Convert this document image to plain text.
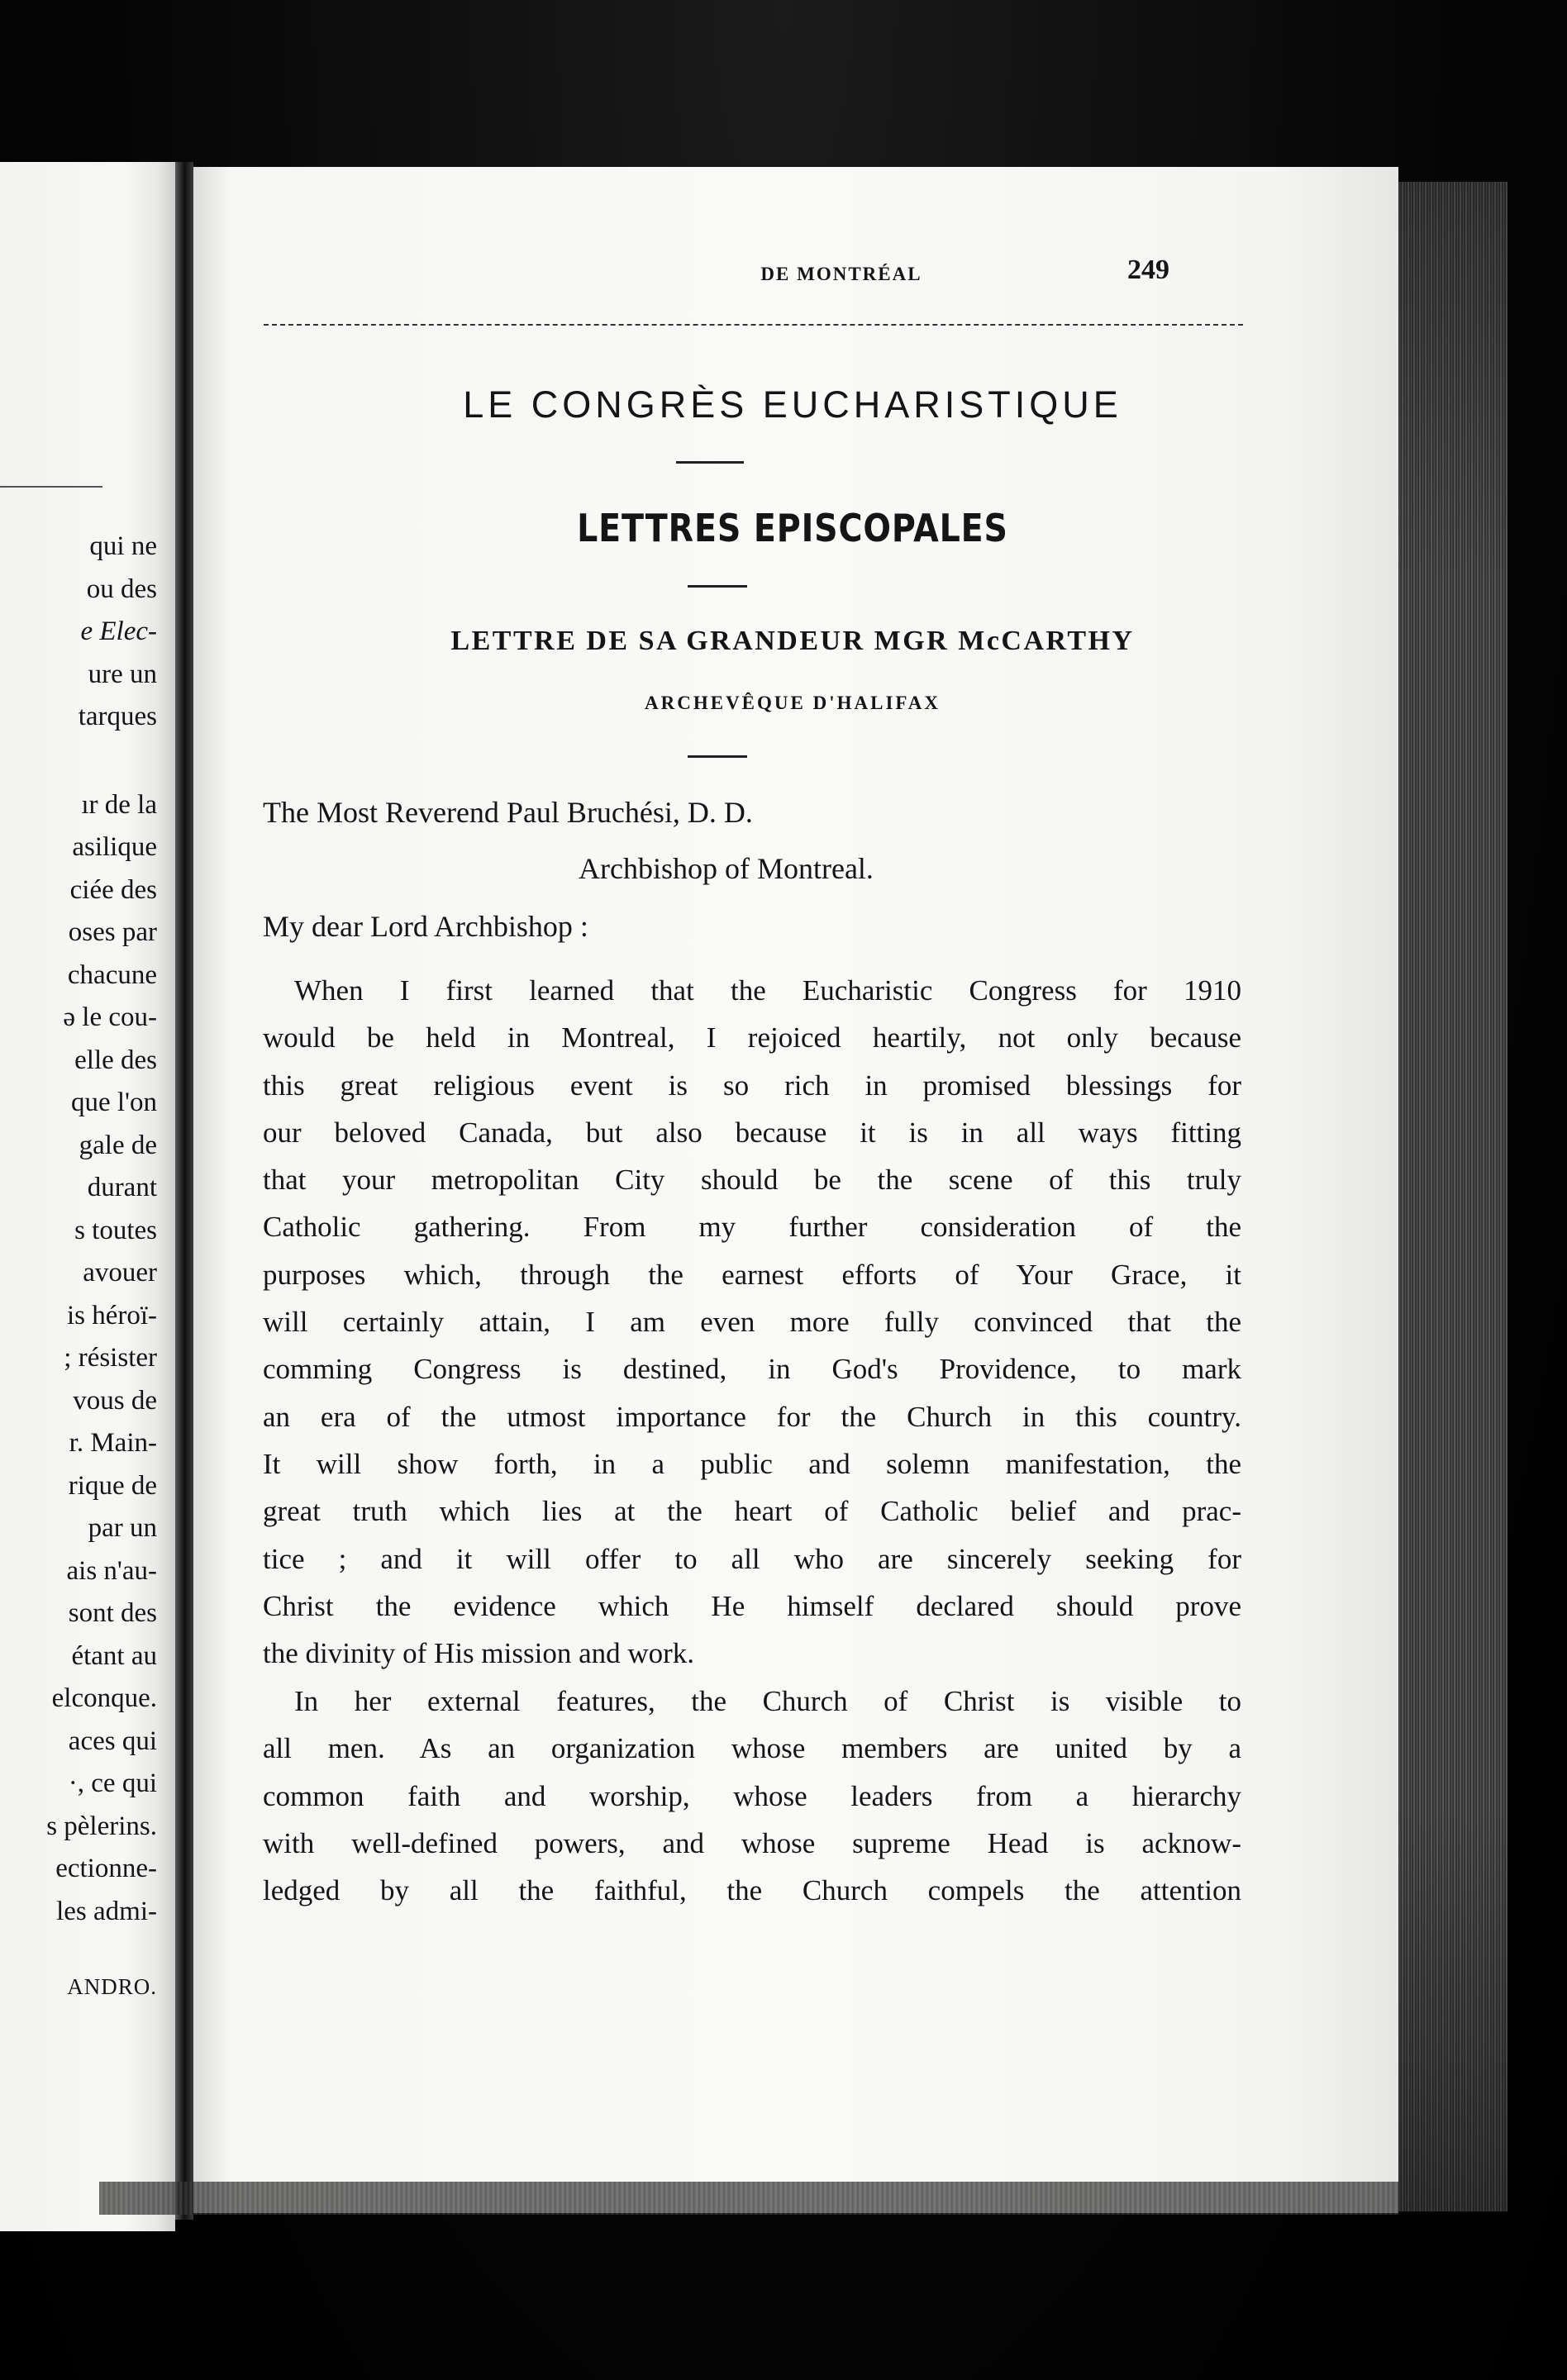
qui ne
ou des
e Elec-
ure un
tarques
ır de la
asilique
ciée des
oses par
chacune
ə le cou-
elle des
que l'on
gale de
durant
s toutes
avouer
is héroï-
; résister
vous de
r. Main-
rique de
par un
ais n'au-
sont des
étant au
elconque.
aces qui
·, ce qui
s pèlerins.
ectionne-
les admi-
ANDRO.
DE MONTRÉAL	249
LE CONGRÈS EUCHARISTIQUE
LETTRES EPISCOPALES
LETTRE DE SA GRANDEUR MGR McCARTHY
ARCHEVÊQUE D'HALIFAX
The Most Reverend Paul Bruchési, D. D.
Archbishop of Montreal.
My dear Lord Archbishop :
When I first learned that the Eucharistic Congress for 1910
would be held in Montreal, I rejoiced heartily, not only because
this great religious event is so rich in promised blessings for
our beloved Canada, but also because it is in all ways fitting
that your metropolitan City should be the scene of this truly
Catholic gathering. From my further consideration of the
purposes which, through the earnest efforts of Your Grace, it
will certainly attain, I am even more fully convinced that the
comming Congress is destined, in God's Providence, to mark
an era of the utmost importance for the Church in this country.
It will show forth, in a public and solemn manifestation, the
great truth which lies at the heart of Catholic belief and prac-
tice ; and it will offer to all who are sincerely seeking for
Christ the evidence which He himself declared should prove
the divinity of His mission and work.
In her external features, the Church of Christ is visible to
all men. As an organization whose members are united by a
common faith and worship, whose leaders from a hierarchy
with well-defined powers, and whose supreme Head is acknow-
ledged by all the faithful, the Church compels the attention
